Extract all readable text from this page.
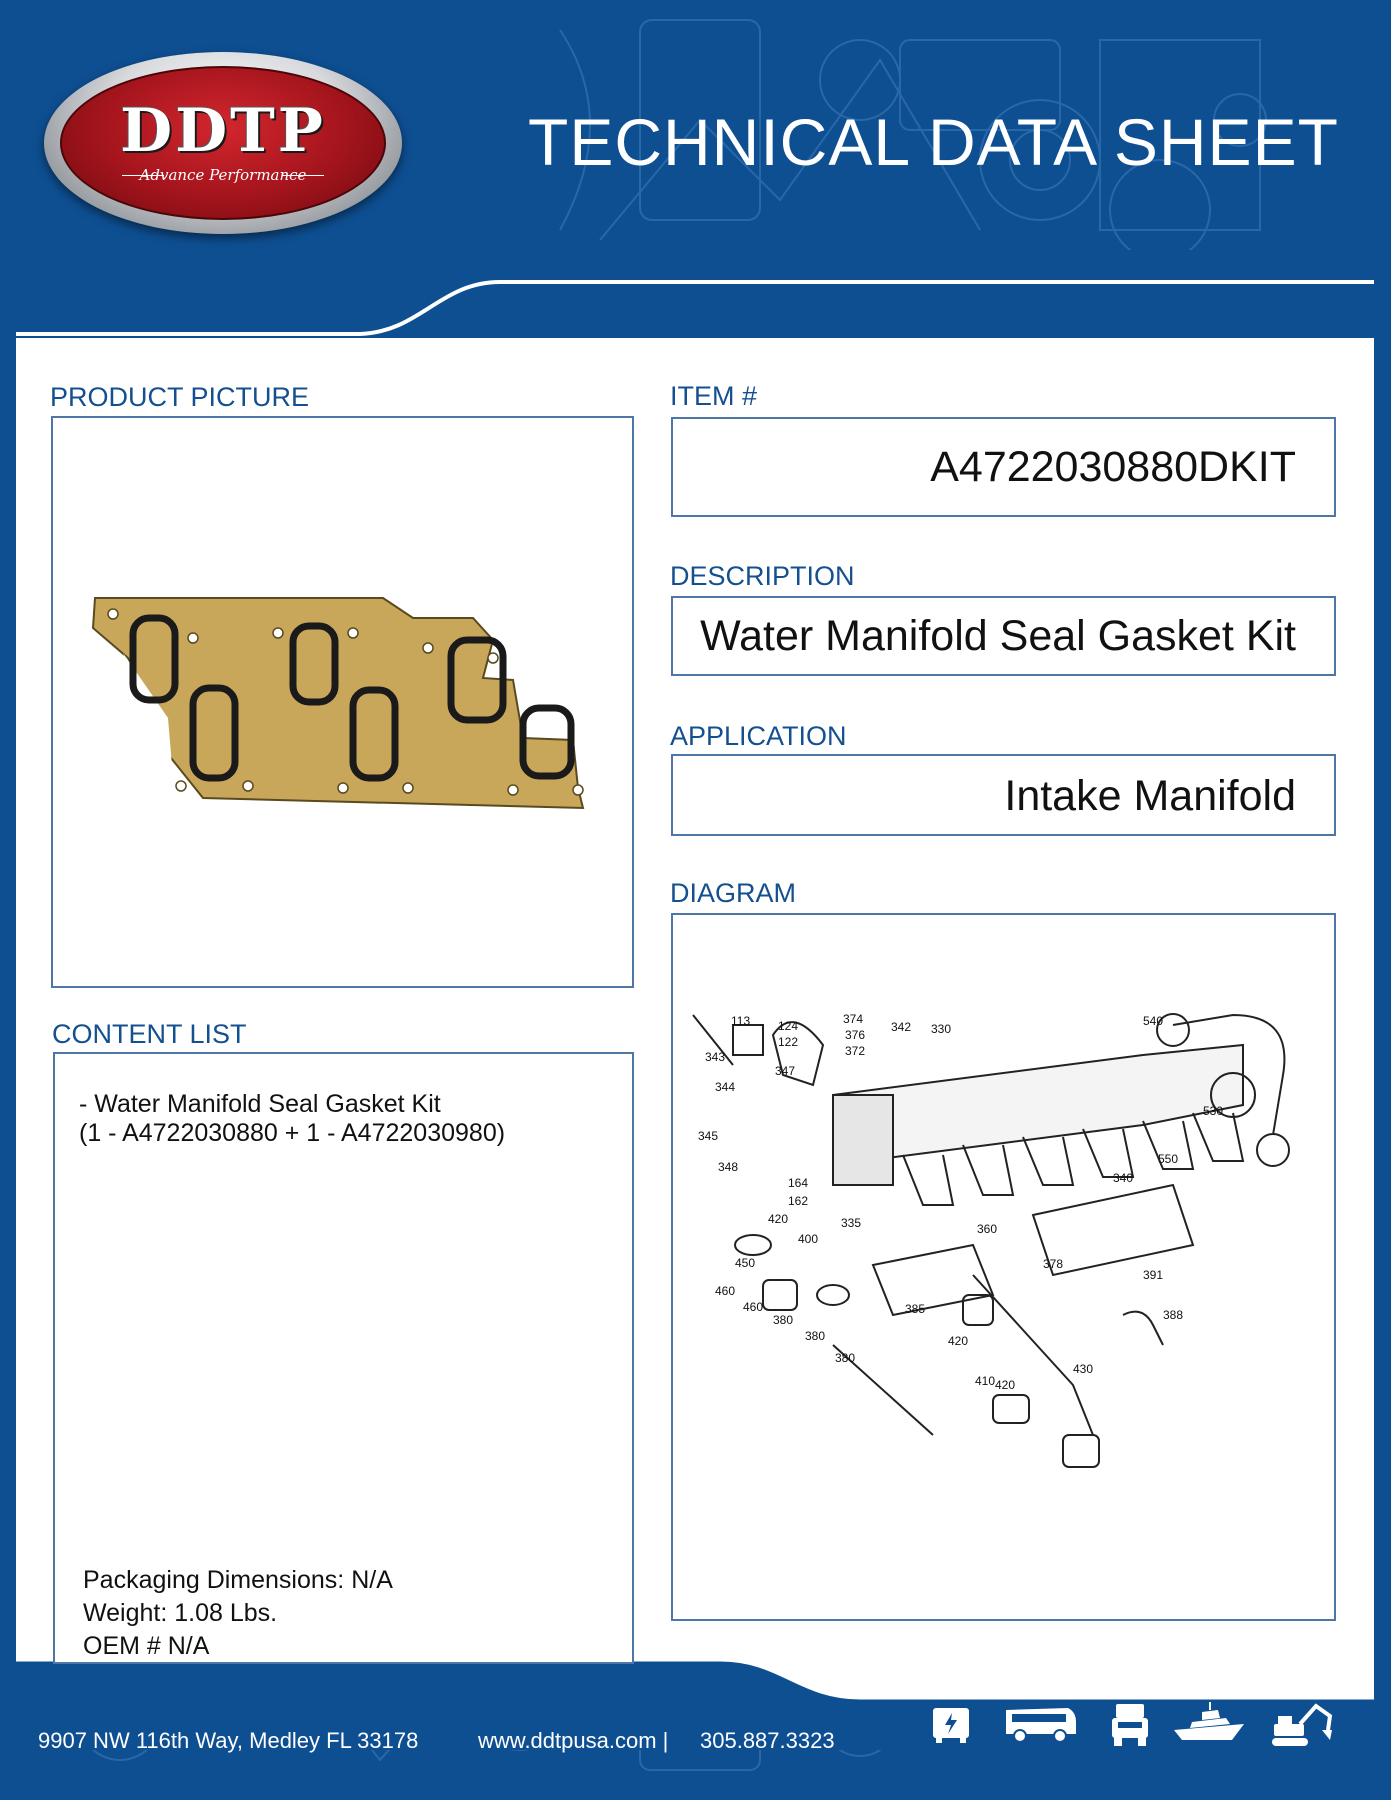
DDTP
Advance Performance	TECHNICAL DATA SHEET
PRODUCT PICTURE	ITEM #
A4722030880DKIT
DESCRIPTION
Water Manifold Seal Gasket Kit
APPLICATION
Intake Manifold
DIAGRAM
113 124
122
374
376
372
342 330
540
343
347
344
345
348
164
162
420
400
450
460
460
380
335	360
378
391
388
385
380
380
420
410 420
430
340
550
530
CONTENT LIST
- Water Manifold Seal Gasket Kit
(1 - A4722030880 + 1 - A4722030980)
Packaging Dimensions: N/A
Weight: 1.08 Lbs.
OEM # N/A
9907 NW 116th Way, Medley FL 33178	www.ddtpusa.com | 305.887.3323
